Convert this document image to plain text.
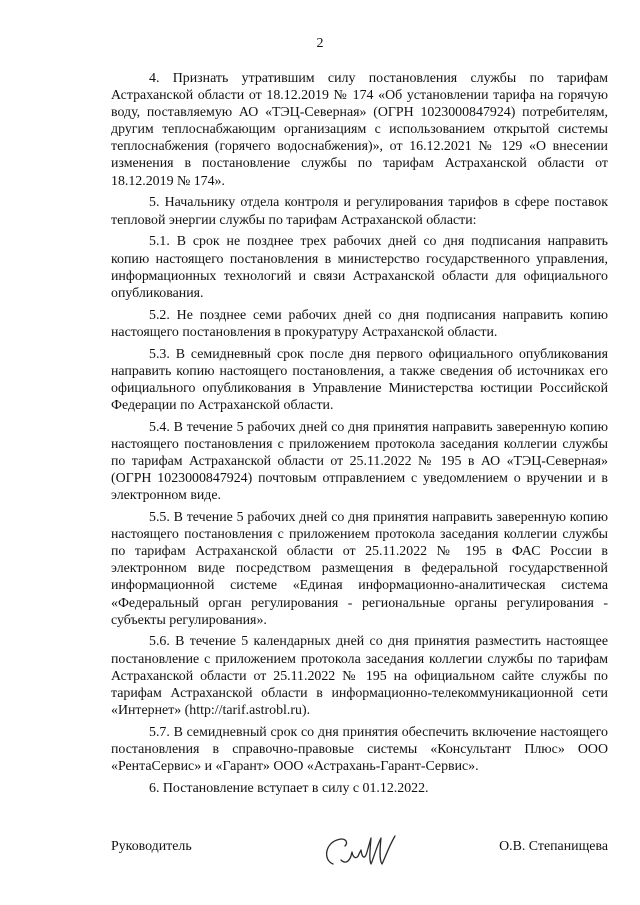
2

4. Признать утратившим силу постановления службы по тарифам Астраханской области от 18.12.2019 № 174 «Об установлении тарифа на горячую воду, поставляемую АО «ТЭЦ-Северная» (ОГРН 1023000847924) потребителям, другим теплоснабжающим организациям с использованием открытой системы теплоснабжения (горячего водоснабжения)», от 16.12.2021 № 129 «О внесении изменения в постановление службы по тарифам Астраханской области от 18.12.2019 № 174».

5. Начальнику отдела контроля и регулирования тарифов в сфере поставок тепловой энергии службы по тарифам Астраханской области:

5.1. В срок не позднее трех рабочих дней со дня подписания направить копию настоящего постановления в министерство государственного управления, информационных технологий и связи Астраханской области для официального опубликования.

5.2. Не позднее семи рабочих дней со дня подписания направить копию настоящего постановления в прокуратуру Астраханской области.

5.3. В семидневный срок после дня первого официального опубликования направить копию настоящего постановления, а также сведения об источниках его официального опубликования в Управление Министерства юстиции Российской Федерации по Астраханской области.

5.4. В течение 5 рабочих дней со дня принятия направить заверенную копию настоящего постановления с приложением протокола заседания коллегии службы по тарифам Астраханской области от 25.11.2022 № 195 в АО «ТЭЦ-Северная» (ОГРН 1023000847924) почтовым отправлением с уведомлением о вручении и в электронном виде.

5.5. В течение 5 рабочих дней со дня принятия направить заверенную копию настоящего постановления с приложением протокола заседания коллегии службы по тарифам Астраханской области от 25.11.2022 № 195 в ФАС России в электронном виде посредством размещения в федеральной государственной информационной системе «Единая информационно-аналитическая система «Федеральный орган регулирования - региональные органы регулирования - субъекты регулирования».

5.6. В течение 5 календарных дней со дня принятия разместить настоящее постановление с приложением протокола заседания коллегии службы по тарифам Астраханской области от 25.11.2022 № 195 на официальном сайте службы по тарифам Астраханской области в информационно-телекоммуникационной сети «Интернет» (http://tarif.astrobl.ru).

5.7. В семидневный срок со дня принятия обеспечить включение настоящего постановления в справочно-правовые системы «Консультант Плюс» ООО «РентаСервис» и «Гарант» ООО «Астрахань-Гарант-Сервис».

6. Постановление вступает в силу с 01.12.2022.

Руководитель	О.В. Степанищева
